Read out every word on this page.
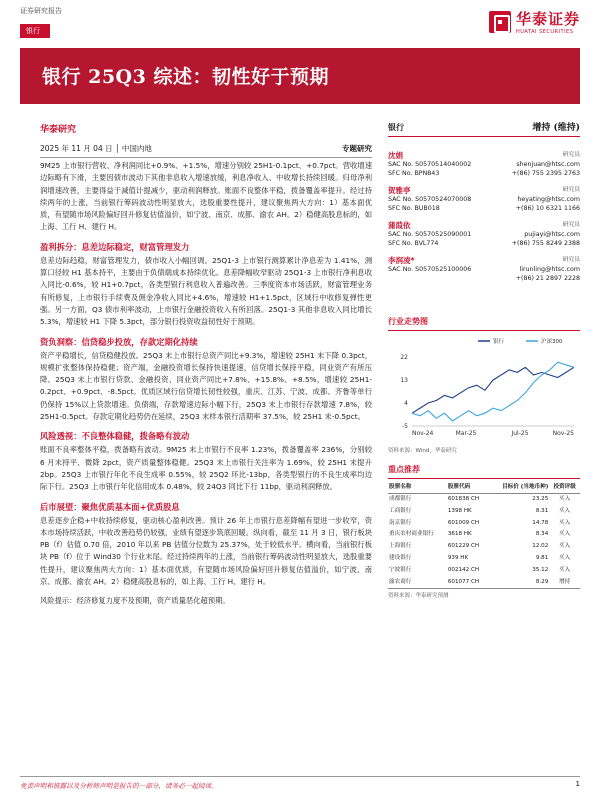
证券研究报告	华泰证券
HUATAI SECURITIES
银行
银行 25Q3 综述：韧性好于预期
华泰研究
2025 年 11 月 04 日 │ 中国内地	专题研究

9M25 上市银行营收、净利润同比+0.9%、+1.5%，增速分别较 25H1-0.1pct、+0.7pct。营收增速边际略有下滑，主要因债市波动下其他非息收入增速放缓，利息净收入、中收增长持续回暖。归母净利润增速改善，主要得益于减值计提减少，驱动利润释放。账面不良整体平稳，拨备覆盖率提升。经过持续两年的上涨，当前银行筹码波动性明显放大，选股重要性提升，建议聚焦两大方向：1）基本面优质，有望随市场风险偏好回升修复估值溢价，如宁波、南京、成都、渝农 AH。2）稳健高股息标的，如上海、工行 H、建行 H。

盈利拆分：息差边际稳定，财富管理发力

息差边际趋稳，财富管理发力，债市收入小幅回调。25Q1-3 上市银行测算累计净息差为 1.41%，测算口径较 H1 基本持平，主要由于负债端成本持续优化。息差降幅收窄驱动 25Q1-3 上市银行净利息收入同比-0.6%，较 H1+0.7pct，各类型银行利息收入普遍改善。三季度资本市场活跃，财富管理业务有所修复，上市银行手续费及佣金净收入同比+4.6%，增速较 H1+1.5pct，区域行中收修复弹性更强。另一方面，Q3 债市利率波动，上市银行金融投资收入有所回落。25Q1-3 其他非息收入同比增长 5.3%，增速较 H1 下降 5.3pct，部分银行投资收益韧性好于预期。

资负洞察：信贷稳步投放，存款定期化持续

资产平稳增长，信贷稳健投放。25Q3 末上市银行总资产同比+9.3%，增速较 25H1 末下降 0.3pct，规模扩张整体保持稳健；资产端，金融投资增长保持快速提速，信贷增长保持平稳，同业资产有所压降。25Q3 末上市银行贷款、金融投资、同业资产同比+7.8%、+15.8%、+8.5%，增速较 25H1-0.2pct、+0.9pct、-8.5pct。优质区域行信贷增长韧性较强，重庆、江苏、宁波、成都、齐鲁等单行仍保持 15%以上贷款增速。负债端，存款增速边际小幅下行，25Q3 末上市银行存款增速 7.8%，较 25H1-0.5pct。存款定期化趋势仍在延续，25Q3 末样本银行活期率 37.5%，较 25H1 末-0.5pct。

风险透视：不良整体稳健，拨备略有波动

账面不良率整体平稳，拨备略有波动。9M25 末上市银行不良率 1.23%，拨备覆盖率 236%，分别较 6 月末持平、微降 2pct，资产质量整体稳健。25Q3 末上市银行关注率为 1.69%，较 25H1 末提升 2bp。25Q3 上市银行年化不良生成率 0.55%，较 25Q2 环比-13bp，各类型银行的不良生成率均边际下行。25Q3 上市银行年化信用成本 0.48%，较 24Q3 同比下行 11bp，驱动利润释放。

后市展望：聚焦优质基本面+优质股息

息差逐步企稳+中收持续修复，驱动核心盈利改善。预计 26 年上市银行息差降幅有望进一步收窄，资本市场持续活跃，中收改善趋势仍较强，业绩有望逐步筑底回暖。纵向看，截至 11 月 3 日，银行板块 PB（f）估值 0.70 倍，2010 年以来 PB 估值分位数为 25.37%，处于较低水平。横向看，当前银行板块 PB（f）位于 Wind30 个行业末尾。经过持续两年的上涨，当前银行筹码波动性明显放大，选股重要性提升，建议聚焦两大方向：1）基本面优质，有望随市场风险偏好回升修复估值溢价，如宁波、南京、成都、渝农 AH。2）稳健高股息标的，如上海、工行 H、建行 H。

风险提示：经济修复力度不及预期，资产质量恶化超预期。

银行	增持 (维持)
沈娟	研究员
SAC No. S0570514040002	shenjuan@htsc.com
SFC No. BPN843	+(86) 755 2395 2763
贺雅亭	研究员
SAC No. S0570524070008	heyating@htsc.com
SFC No. BUB018	+(86) 10 6321 1166
蒲葭依	研究员
SAC No. S0570525090001	pujiayi@htsc.com
SFC No. BVL774	+(86) 755 8249 2388
李润凌*	研究员
SAC No. S0570525100006	lirunling@htsc.com
+(86) 21 2897 2228
行业走势图
银行	沪深300
-5
4
13
22
Nov-24	Mar-25	Jul-25	Nov-25
资料来源：Wind，华泰研究
重点推荐
股票名称	股票代码	目标价 (当地币种)	投资评级
成都银行	601838 CH	23.25	买入
工商银行	1398 HK	8.31	买入
南京银行	601009 CH	14.78	买入
重庆农村商业银行	3618 HK	8.34	买入
上海银行	601229 CH	12.02	买入
建设银行	939 HK	9.81	买入
宁波银行	002142 CH	35.12	买入
渝农商行	601077 CH	8.29	增持
资料来源：华泰研究预测
免责声明和披露以及分析师声明是报告的一部分，请务必一起阅读。	1
